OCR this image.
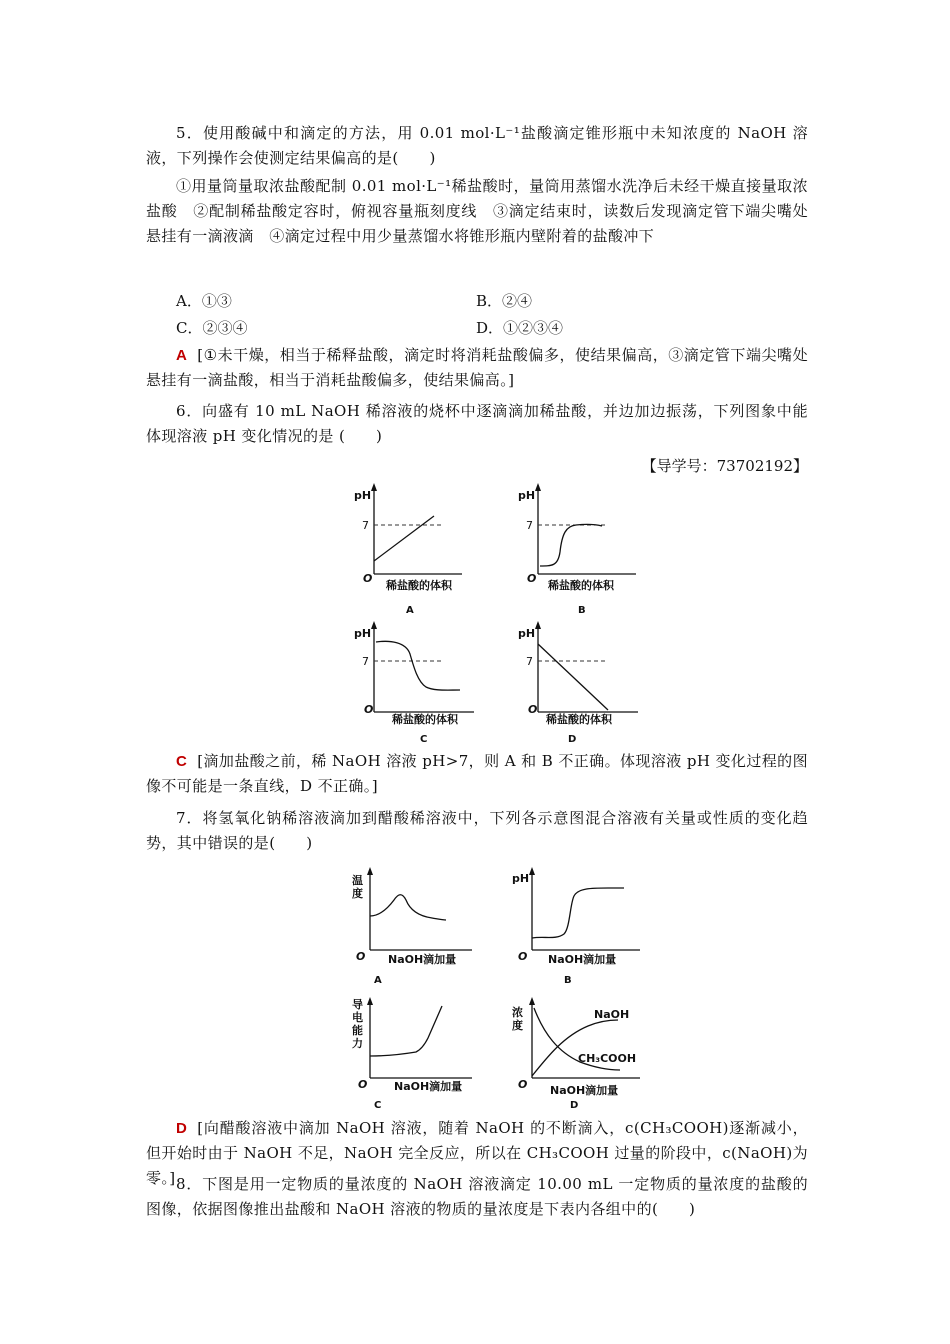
5．使用酸碱中和滴定的方法，用 0.01 mol·L⁻¹盐酸滴定锥形瓶中未知浓度的 NaOH 溶液，下列操作会使测定结果偏高的是(　　)

①用量筒量取浓盐酸配制 0.01 mol·L⁻¹稀盐酸时，量筒用蒸馏水洗净后未经干燥直接量取浓盐酸　②配制稀盐酸定容时，俯视容量瓶刻度线　③滴定结束时，读数后发现滴定管下端尖嘴处悬挂有一滴液滴　④滴定过程中用少量蒸馏水将锥形瓶内壁附着的盐酸冲下

A．①③	B．②④
C．②③④	D．①②③④

A [①未干燥，相当于稀释盐酸，滴定时将消耗盐酸偏多，使结果偏高，③滴定管下端尖嘴处悬挂有一滴盐酸，相当于消耗盐酸偏多，使结果偏高。]

6．向盛有 10 mL NaOH 稀溶液的烧杯中逐滴滴加稀盐酸，并边加边振荡，下列图象中能体现溶液 pH 变化情况的是 (　　)

【导学号：73702192】
pH
7
O
稀盐酸的体积
A
pH
7
O
稀盐酸的体积
B
pH
7
O
稀盐酸的体积
C
pH
7
O
稀盐酸的体积
D

C [滴加盐酸之前，稀 NaOH 溶液 pH>7，则 A 和 B 不正确。体现溶液 pH 变化过程的图像不可能是一条直线，D 不正确。]

7．将氢氧化钠稀溶液滴加到醋酸稀溶液中，下列各示意图混合溶液有关量或性质的变化趋势，其中错误的是(　　)

温
度
O NaOH滴加量
A
pH
O NaOH滴加量
B
导
电
能
力
O NaOH滴加量
C
浓
度
NaOH
CH₃COOH
O NaOH滴加量
D

D [向醋酸溶液中滴加 NaOH 溶液，随着 NaOH 的不断滴入，c(CH₃COOH)逐渐减小，但开始时由于 NaOH 不足，NaOH 完全反应，所以在 CH₃COOH 过量的阶段中，c(NaOH)为零。] 8．下图是用一定物质的量浓度的 NaOH 溶液滴定 10.00 mL 一定物质的量浓度的盐酸的图像，依据图像推出盐酸和 NaOH 溶液的物质的量浓度是下表内各组中的(　　)
